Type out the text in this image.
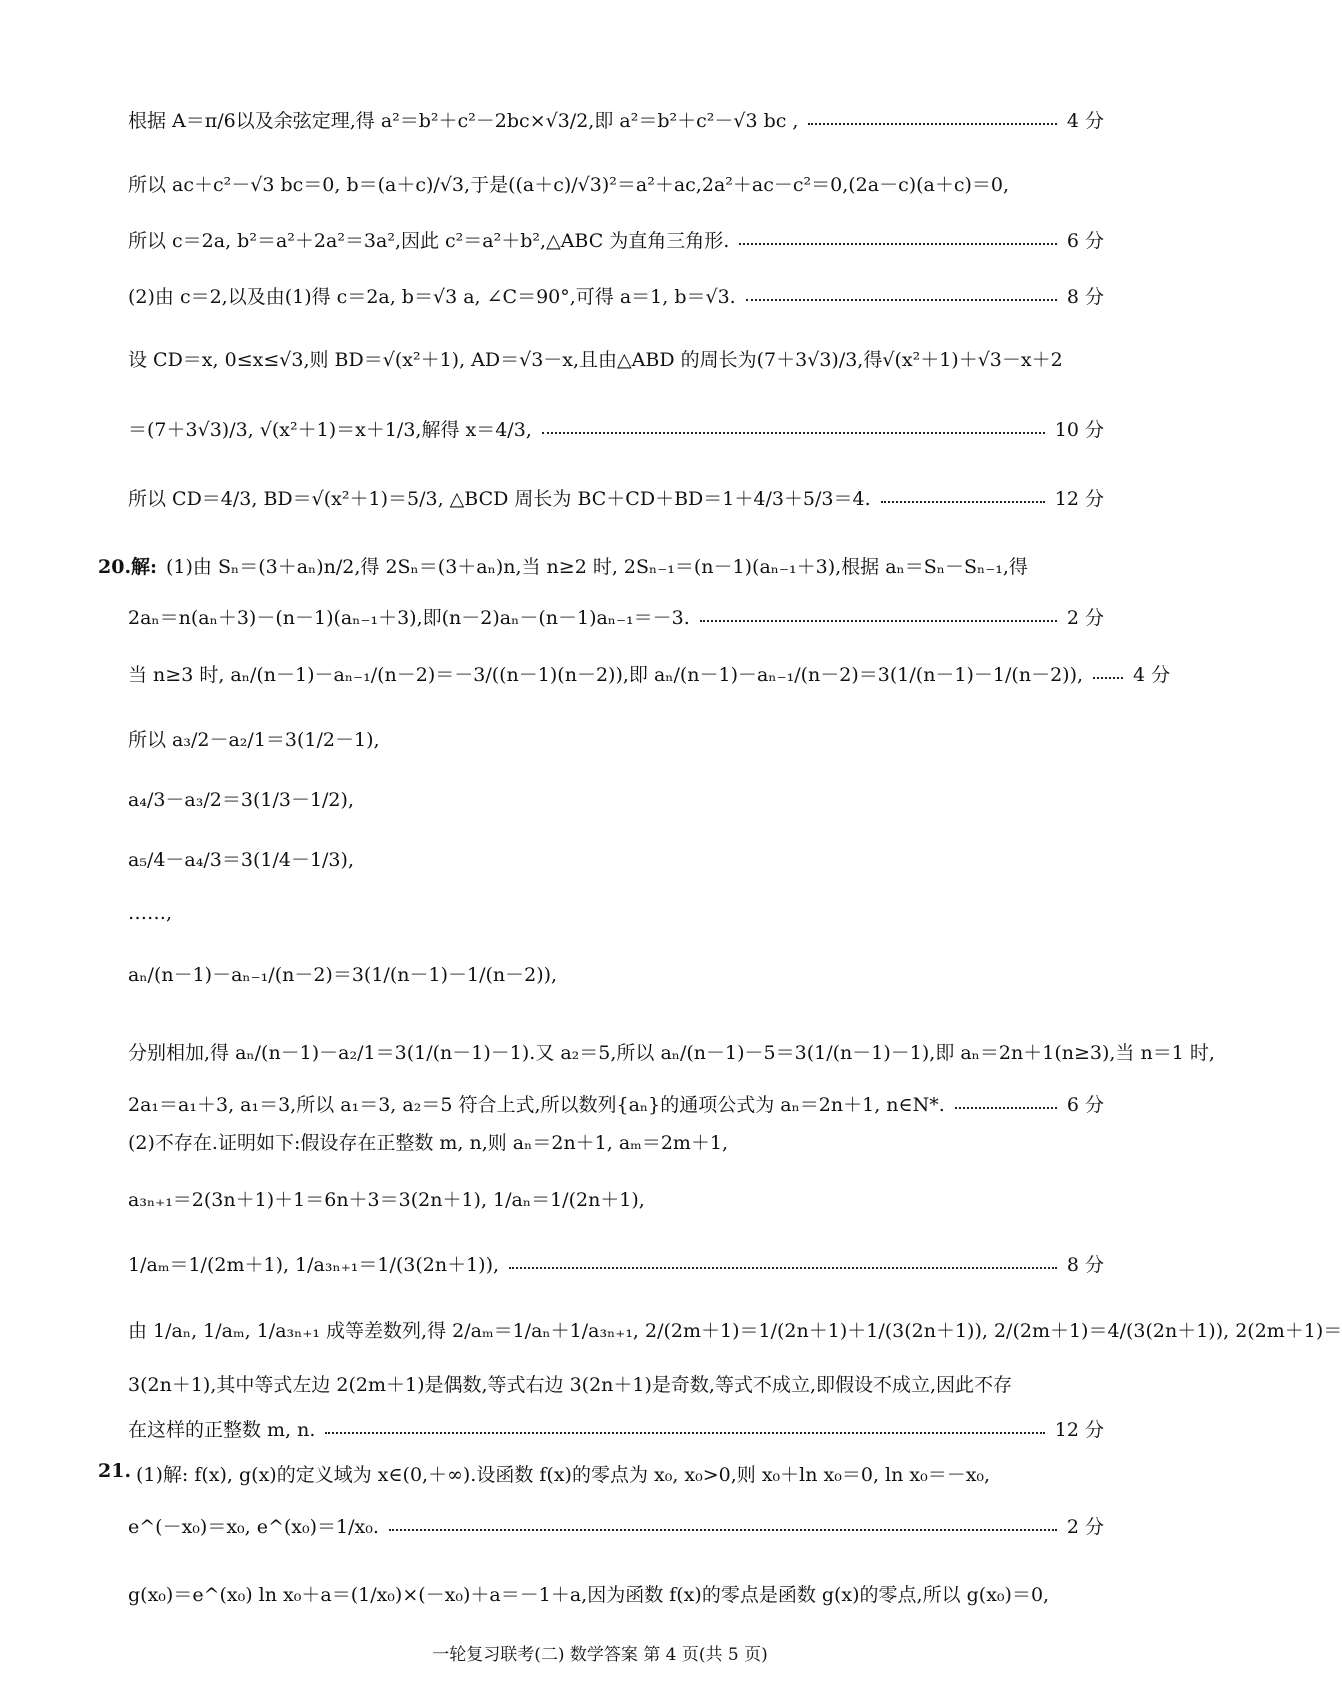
根据 A＝π/6以及余弦定理,得 a²＝b²＋c²－2bc×√3/2,即 a²＝b²＋c²－√3 bc ,	4 分
所以 ac＋c²－√3 bc＝0, b＝(a＋c)/√3,于是((a＋c)/√3)²＝a²＋ac,2a²＋ac－c²＝0,(2a－c)(a＋c)＝0,
所以 c＝2a, b²＝a²＋2a²＝3a²,因此 c²＝a²＋b²,△ABC 为直角三角形.	6 分
(2)由 c＝2,以及由(1)得 c＝2a, b＝√3 a, ∠C＝90°,可得 a＝1, b＝√3.	8 分
设 CD＝x, 0≤x≤√3,则 BD＝√(x²＋1), AD＝√3－x,且由△ABD 的周长为(7＋3√3)/3,得√(x²＋1)＋√3－x＋2
＝(7＋3√3)/3, √(x²＋1)＝x＋1/3,解得 x＝4/3,	10 分
所以 CD＝4/3, BD＝√(x²＋1)＝5/3, △BCD 周长为 BC＋CD＋BD＝1＋4/3＋5/3＝4.	12 分
20.解: (1)由 Sₙ＝(3＋aₙ)n/2,得 2Sₙ＝(3＋aₙ)n,当 n≥2 时, 2Sₙ₋₁＝(n－1)(aₙ₋₁＋3),根据 aₙ＝Sₙ－Sₙ₋₁,得
2aₙ＝n(aₙ＋3)－(n－1)(aₙ₋₁＋3),即(n－2)aₙ－(n－1)aₙ₋₁＝－3.	2 分
当 n≥3 时, aₙ/(n－1)－aₙ₋₁/(n－2)＝－3/((n－1)(n－2)),即 aₙ/(n－1)－aₙ₋₁/(n－2)＝3(1/(n－1)－1/(n－2)),	4 分
所以 a₃/2－a₂/1＝3(1/2－1),
a₄/3－a₃/2＝3(1/3－1/2),
a₅/4－a₄/3＝3(1/4－1/3),
……,
aₙ/(n－1)－aₙ₋₁/(n－2)＝3(1/(n－1)－1/(n－2)),
分别相加,得 aₙ/(n－1)－a₂/1＝3(1/(n－1)－1).又 a₂＝5,所以 aₙ/(n－1)－5＝3(1/(n－1)－1),即 aₙ＝2n＋1(n≥3),当 n＝1 时,
2a₁＝a₁＋3, a₁＝3,所以 a₁＝3, a₂＝5 符合上式,所以数列{aₙ}的通项公式为 aₙ＝2n＋1, n∈N*.	6 分
(2)不存在.证明如下:假设存在正整数 m, n,则 aₙ＝2n＋1, aₘ＝2m＋1,
a₃ₙ₊₁＝2(3n＋1)＋1＝6n＋3＝3(2n＋1), 1/aₙ＝1/(2n＋1),
1/aₘ＝1/(2m＋1), 1/a₃ₙ₊₁＝1/(3(2n＋1)),	8 分
由 1/aₙ, 1/aₘ, 1/a₃ₙ₊₁ 成等差数列,得 2/aₘ＝1/aₙ＋1/a₃ₙ₊₁, 2/(2m＋1)＝1/(2n＋1)＋1/(3(2n＋1)), 2/(2m＋1)＝4/(3(2n＋1)), 2(2m＋1)＝
3(2n＋1),其中等式左边 2(2m＋1)是偶数,等式右边 3(2n＋1)是奇数,等式不成立,即假设不成立,因此不存
在这样的正整数 m, n.	12 分
21. (1)解: f(x), g(x)的定义域为 x∈(0,＋∞).设函数 f(x)的零点为 x₀, x₀>0,则 x₀＋ln x₀＝0, ln x₀＝－x₀,
e^(－x₀)＝x₀, e^(x₀)＝1/x₀.	2 分
g(x₀)＝e^(x₀) ln x₀＋a＝(1/x₀)×(－x₀)＋a＝－1＋a,因为函数 f(x)的零点是函数 g(x)的零点,所以 g(x₀)＝0,
一轮复习联考(二) 数学答案 第 4 页(共 5 页)
